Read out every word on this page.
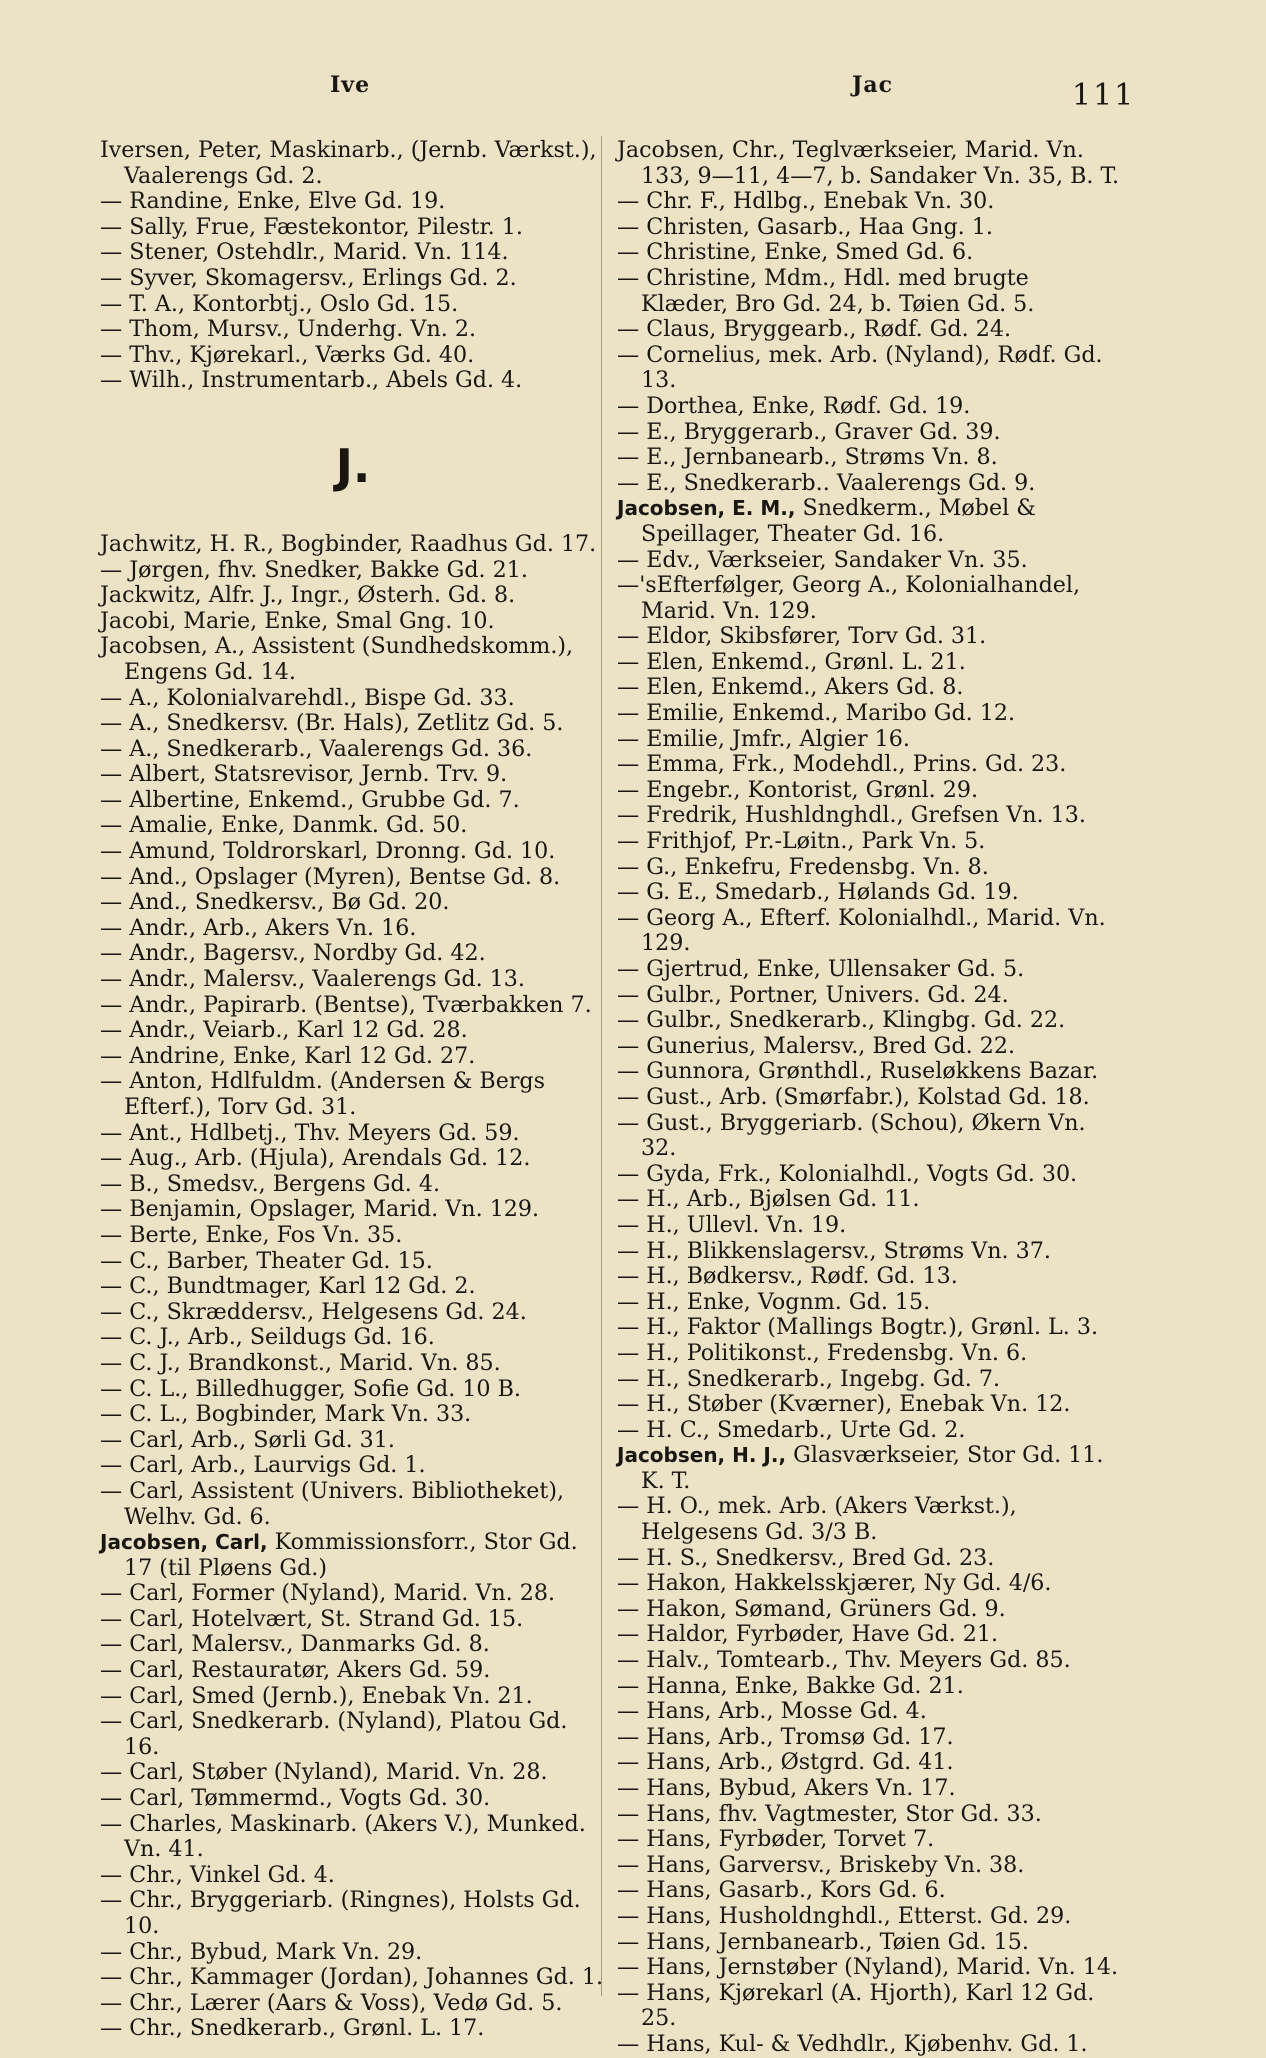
Ive	Jac	111
Iversen, Peter, Maskinarb., (Jernb. Værkst.), Vaalerengs Gd. 2.
— Randine, Enke, Elve Gd. 19.
— Sally, Frue, Fæstekontor, Pilestr. 1.
— Stener, Ostehdlr., Marid. Vn. 114.
— Syver, Skomagersv., Erlings Gd. 2.
— T. A., Kontorbtj., Oslo Gd. 15.
— Thom, Mursv., Underhg. Vn. 2.
— Thv., Kjørekarl., Værks Gd. 40.
— Wilh., Instrumentarb., Abels Gd. 4.
J.
Jachwitz, H. R., Bogbinder, Raadhus Gd. 17.
— Jørgen, fhv. Snedker, Bakke Gd. 21.
Jackwitz, Alfr. J., Ingr., Østerh. Gd. 8.
Jacobi, Marie, Enke, Smal Gng. 10.
Jacobsen, A., Assistent (Sundhedskomm.), Engens Gd. 14.
— A., Kolonialvarehdl., Bispe Gd. 33.
— A., Snedkersv. (Br. Hals), Zetlitz Gd. 5.
— A., Snedkerarb., Vaalerengs Gd. 36.
— Albert, Statsrevisor, Jernb. Trv. 9.
— Albertine, Enkemd., Grubbe Gd. 7.
— Amalie, Enke, Danmk. Gd. 50.
— Amund, Toldrorskarl, Dronng. Gd. 10.
— And., Opslager (Myren), Bentse Gd. 8.
— And., Snedkersv., Bø Gd. 20.
— Andr., Arb., Akers Vn. 16.
— Andr., Bagersv., Nordby Gd. 42.
— Andr., Malersv., Vaalerengs Gd. 13.
— Andr., Papirarb. (Bentse), Tværbakken 7.
— Andr., Veiarb., Karl 12 Gd. 28.
— Andrine, Enke, Karl 12 Gd. 27.
— Anton, Hdlfuldm. (Andersen & Bergs Efterf.), Torv Gd. 31.
— Ant., Hdlbetj., Thv. Meyers Gd. 59.
— Aug., Arb. (Hjula), Arendals Gd. 12.
— B., Smedsv., Bergens Gd. 4.
— Benjamin, Opslager, Marid. Vn. 129.
— Berte, Enke, Fos Vn. 35.
— C., Barber, Theater Gd. 15.
— C., Bundtmager, Karl 12 Gd. 2.
— C., Skræddersv., Helgesens Gd. 24.
— C. J., Arb., Seildugs Gd. 16.
— C. J., Brandkonst., Marid. Vn. 85.
— C. L., Billedhugger, Sofie Gd. 10 B.
— C. L., Bogbinder, Mark Vn. 33.
— Carl, Arb., Sørli Gd. 31.
— Carl, Arb., Laurvigs Gd. 1.
— Carl, Assistent (Univers. Bibliotheket), Welhv. Gd. 6.
Jacobsen, Carl, Kommissionsforr., Stor Gd. 17 (til Pløens Gd.)
— Carl, Former (Nyland), Marid. Vn. 28.
— Carl, Hotelvært, St. Strand Gd. 15.
— Carl, Malersv., Danmarks Gd. 8.
— Carl, Restauratør, Akers Gd. 59.
— Carl, Smed (Jernb.), Enebak Vn. 21.
— Carl, Snedkerarb. (Nyland), Platou Gd. 16.
— Carl, Støber (Nyland), Marid. Vn. 28.
— Carl, Tømmermd., Vogts Gd. 30.
— Charles, Maskinarb. (Akers V.), Munked. Vn. 41.
— Chr., Vinkel Gd. 4.
— Chr., Bryggeriarb. (Ringnes), Holsts Gd. 10.
— Chr., Bybud, Mark Vn. 29.
— Chr., Kammager (Jordan), Johannes Gd. 1.
— Chr., Lærer (Aars & Voss), Vedø Gd. 5.
— Chr., Snedkerarb., Grønl. L. 17.
Jacobsen, Chr., Teglværkseier, Marid. Vn. 133, 9—11, 4—7, b. Sandaker Vn. 35, B. T.
— Chr. F., Hdlbg., Enebak Vn. 30.
— Christen, Gasarb., Haa Gng. 1.
— Christine, Enke, Smed Gd. 6.
— Christine, Mdm., Hdl. med brugte Klæder, Bro Gd. 24, b. Tøien Gd. 5.
— Claus, Bryggearb., Rødf. Gd. 24.
— Cornelius, mek. Arb. (Nyland), Rødf. Gd. 13.
— Dorthea, Enke, Rødf. Gd. 19.
— E., Bryggerarb., Graver Gd. 39.
— E., Jernbanearb., Strøms Vn. 8.
— E., Snedkerarb.. Vaalerengs Gd. 9.
Jacobsen, E. M., Snedkerm., Møbel & Speillager, Theater Gd. 16.
— Edv., Værkseier, Sandaker Vn. 35.
—'sEfterfølger, Georg A., Kolonialhandel, Marid. Vn. 129.
— Eldor, Skibsfører, Torv Gd. 31.
— Elen, Enkemd., Grønl. L. 21.
— Elen, Enkemd., Akers Gd. 8.
— Emilie, Enkemd., Maribo Gd. 12.
— Emilie, Jmfr., Algier 16.
— Emma, Frk., Modehdl., Prins. Gd. 23.
— Engebr., Kontorist, Grønl. 29.
— Fredrik, Hushldnghdl., Grefsen Vn. 13.
— Frithjof, Pr.-Løitn., Park Vn. 5.
— G., Enkefru, Fredensbg. Vn. 8.
— G. E., Smedarb., Hølands Gd. 19.
— Georg A., Efterf. Kolonialhdl., Marid. Vn. 129.
— Gjertrud, Enke, Ullensaker Gd. 5.
— Gulbr., Portner, Univers. Gd. 24.
— Gulbr., Snedkerarb., Klingbg. Gd. 22.
— Gunerius, Malersv., Bred Gd. 22.
— Gunnora, Grønthdl., Ruseløkkens Bazar.
— Gust., Arb. (Smørfabr.), Kolstad Gd. 18.
— Gust., Bryggeriarb. (Schou), Økern Vn. 32.
— Gyda, Frk., Kolonialhdl., Vogts Gd. 30.
— H., Arb., Bjølsen Gd. 11.
— H., Ullevl. Vn. 19.
— H., Blikkenslagersv., Strøms Vn. 37.
— H., Bødkersv., Rødf. Gd. 13.
— H., Enke, Vognm. Gd. 15.
— H., Faktor (Mallings Bogtr.), Grønl. L. 3.
— H., Politikonst., Fredensbg. Vn. 6.
— H., Snedkerarb., Ingebg. Gd. 7.
— H., Støber (Kværner), Enebak Vn. 12.
— H. C., Smedarb., Urte Gd. 2.
Jacobsen, H. J., Glasværkseier, Stor Gd. 11. K. T.
— H. O., mek. Arb. (Akers Værkst.), Helgesens Gd. 3/3 B.
— H. S., Snedkersv., Bred Gd. 23.
— Hakon, Hakkelsskjærer, Ny Gd. 4/6.
— Hakon, Sømand, Grüners Gd. 9.
— Haldor, Fyrbøder, Have Gd. 21.
— Halv., Tomtearb., Thv. Meyers Gd. 85.
— Hanna, Enke, Bakke Gd. 21.
— Hans, Arb., Mosse Gd. 4.
— Hans, Arb., Tromsø Gd. 17.
— Hans, Arb., Østgrd. Gd. 41.
— Hans, Bybud, Akers Vn. 17.
— Hans, fhv. Vagtmester, Stor Gd. 33.
— Hans, Fyrbøder, Torvet 7.
— Hans, Garversv., Briskeby Vn. 38.
— Hans, Gasarb., Kors Gd. 6.
— Hans, Husholdnghdl., Etterst. Gd. 29.
— Hans, Jernbanearb., Tøien Gd. 15.
— Hans, Jernstøber (Nyland), Marid. Vn. 14.
— Hans, Kjørekarl (A. Hjorth), Karl 12 Gd. 25.
— Hans, Kul- & Vedhdlr., Kjøbenhv. Gd. 1.
